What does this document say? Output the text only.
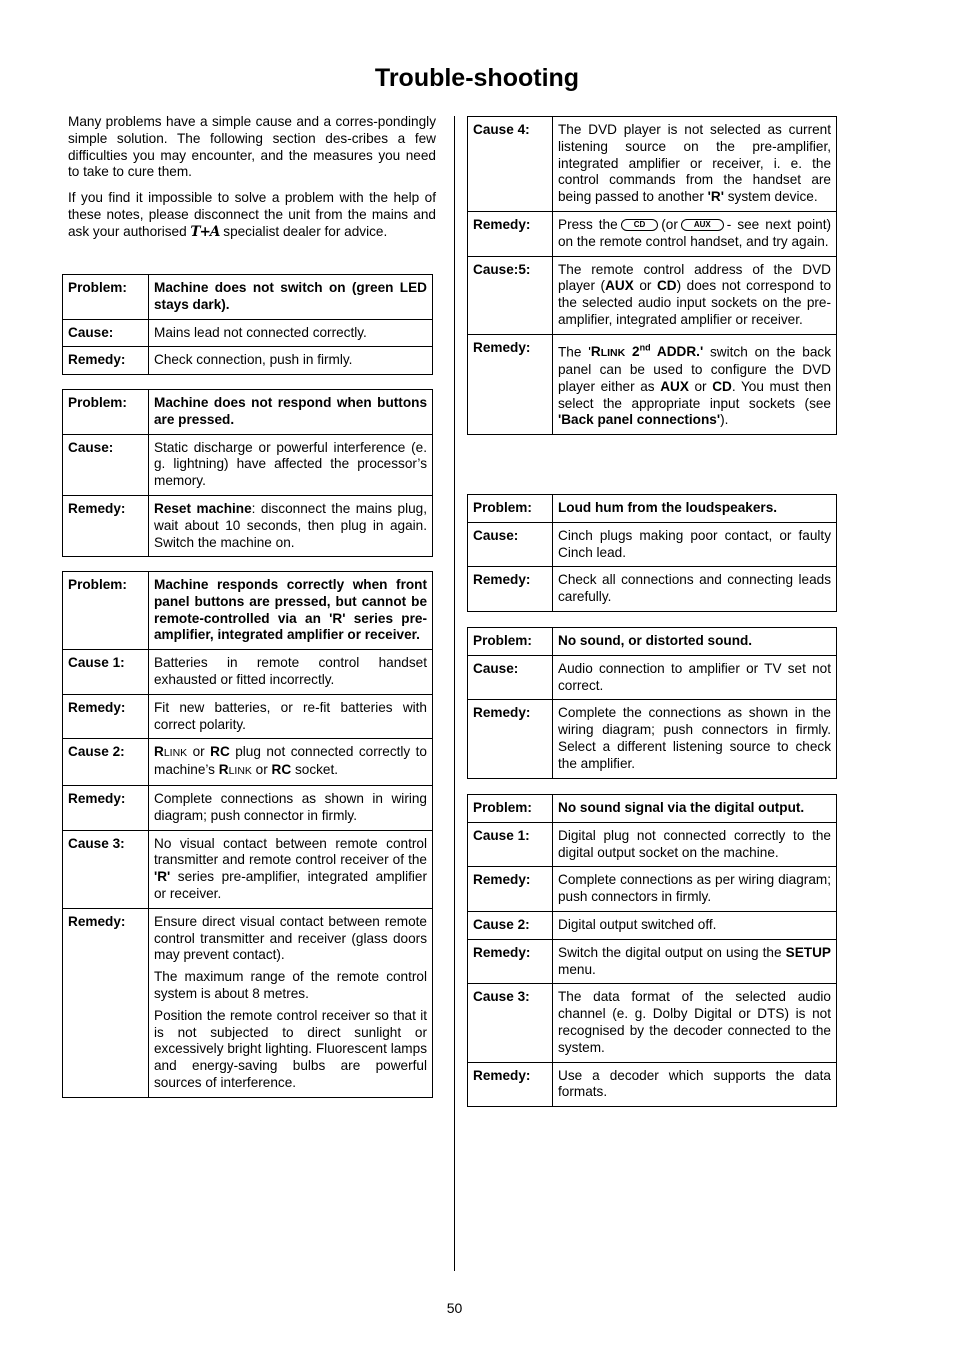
Trouble-shooting

Many problems have a simple cause and a corres-pondingly simple solution. The following section des-cribes a few difficulties you may encounter, and the measures you need to take to cure them.

If you find it impossible to solve a problem with the help of these notes, please disconnect the unit from the mains and ask your authorised T+A specialist dealer for advice.

Problem:	Machine does not switch on (green LED stays dark).
Cause:	Mains lead not connected correctly.
Remedy:	Check connection, push in firmly.
Problem:	Machine does not respond when buttons are pressed.
Cause:	Static discharge or powerful interference (e. g. lightning) have affected the processor’s memory.
Remedy:	Reset machine: disconnect the mains plug, wait about 10 seconds, then plug in again. Switch the machine on.
Problem:	Machine responds correctly when front panel buttons are pressed, but cannot be remote-controlled via an 'R' series pre-amplifier, integrated amplifier or receiver.
Cause 1:	Batteries in remote control handset exhausted or fitted incorrectly.
Remedy:	Fit new batteries, or re-fit batteries with correct polarity.
Cause 2:	RLINK or RC plug not connected correctly to machine’s RLINK or RC socket.
Remedy:	Complete connections as shown in wiring diagram; push connector in firmly.
Cause 3:	No visual contact between remote control transmitter and remote control receiver of the 'R' series pre-amplifier, integrated amplifier or receiver.
Remedy:	Ensure direct visual contact between remote control transmitter and receiver (glass doors may prevent contact).

The maximum range of the remote control system is about 8 metres.

Position the remote control receiver so that it is not subjected to direct sunlight or excessively bright lighting. Fluorescent lamps and energy-saving bulbs are powerful sources of interference.

Cause 4:	The DVD player is not selected as current listening source on the pre-amplifier, integrated amplifier or receiver, i. e. the control commands from the handset are being passed to another 'R' system device.
Remedy:	Press the CD (or AUX - see next point) on the remote control handset, and try again.
Cause:5:	The remote control address of the DVD player (AUX or CD) does not correspond to the selected audio input sockets on the pre-amplifier, integrated amplifier or receiver.
Remedy:	The 'RLINK 2nd ADDR.' switch on the back panel can be used to configure the DVD player either as AUX or CD. You must then select the appropriate input sockets (see 'Back panel connections').
Problem:	Loud hum from the loudspeakers.
Cause:	Cinch plugs making poor contact, or faulty Cinch lead.
Remedy:	Check all connections and connecting leads carefully.
Problem:	No sound, or distorted sound.
Cause:	Audio connection to amplifier or TV set not correct.
Remedy:	Complete the connections as shown in the wiring diagram; push connectors in firmly. Select a different listening source to check the amplifier.
Problem:	No sound signal via the digital output.
Cause 1:	Digital plug not connected correctly to the digital output socket on the machine.
Remedy:	Complete connections as per wiring diagram; push connectors in firmly.
Cause 2:	Digital output switched off.
Remedy:	Switch the digital output on using the SETUP menu.
Cause 3:	The data format of the selected audio channel (e. g. Dolby Digital or DTS) is not recognised by the decoder connected to the system.
Remedy:	Use a decoder which supports the data formats.
50
